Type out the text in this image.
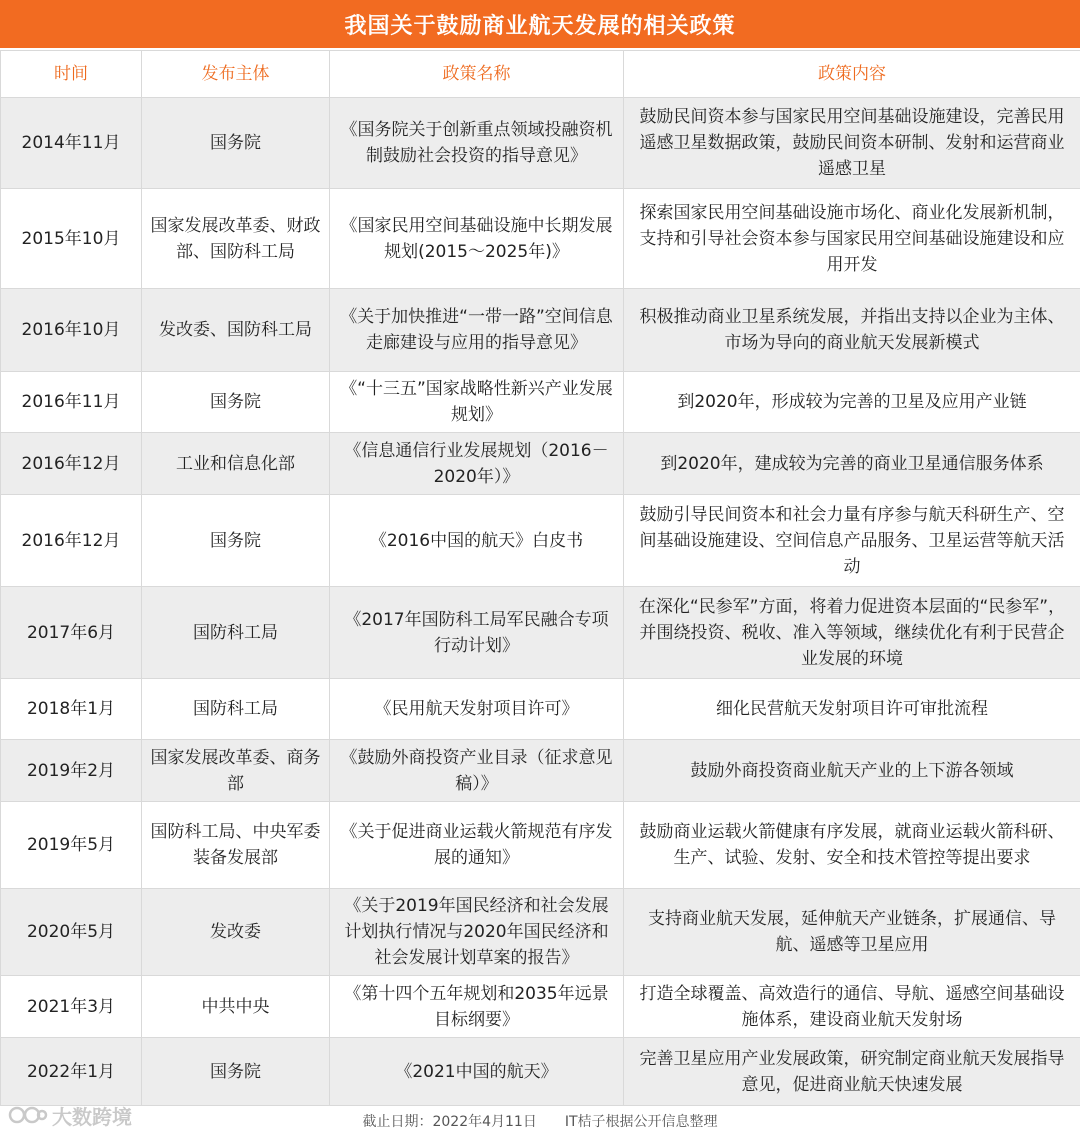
我国关于鼓励商业航天发展的相关政策
时间	发布主体	政策名称	政策内容
2014年11月	国务院	《国务院关于创新重点领域投融资机制鼓励社会投资的指导意见》	鼓励民间资本参与国家民用空间基础设施建设，完善民用遥感卫星数据政策，鼓励民间资本研制、发射和运营商业遥感卫星
2015年10月	国家发展改革委、财政部、国防科工局	《国家民用空间基础设施中长期发展规划(2015～2025年)》	探索国家民用空间基础设施市场化、商业化发展新机制，支持和引导社会资本参与国家民用空间基础设施建设和应用开发
2016年10月	发改委、国防科工局	《关于加快推进“一带一路”空间信息走廊建设与应用的指导意见》	积极推动商业卫星系统发展，并指出支持以企业为主体、市场为导向的商业航天发展新模式
2016年11月	国务院	《“十三五”国家战略性新兴产业发展规划》	到2020年，形成较为完善的卫星及应用产业链
2016年12月	工业和信息化部	《信息通信行业发展规划（2016－2020年）》	到2020年，建成较为完善的商业卫星通信服务体系
2016年12月	国务院	《2016中国的航天》白皮书	鼓励引导民间资本和社会力量有序参与航天科研生产、空间基础设施建设、空间信息产品服务、卫星运营等航天活动
2017年6月	国防科工局	《2017年国防科工局军民融合专项行动计划》	在深化“民参军”方面，将着力促进资本层面的“民参军”，并围绕投资、税收、准入等领域，继续优化有利于民营企业发展的环境
2018年1月	国防科工局	《民用航天发射项目许可》	细化民营航天发射项目许可审批流程
2019年2月	国家发展改革委、商务部	《鼓励外商投资产业目录（征求意见稿）》	鼓励外商投资商业航天产业的上下游各领域
2019年5月	国防科工局、中央军委装备发展部	《关于促进商业运载火箭规范有序发展的通知》	鼓励商业运载火箭健康有序发展，就商业运载火箭科研、生产、试验、发射、安全和技术管控等提出要求
2020年5月	发改委	《关于2019年国民经济和社会发展计划执行情况与2020年国民经济和社会发展计划草案的报告》	支持商业航天发展，延伸航天产业链条，扩展通信、导航、遥感等卫星应用
2021年3月	中共中央	《第十四个五年规划和2035年远景目标纲要》	打造全球覆盖、高效造行的通信、导航、遥感空间基础设施体系，建设商业航天发射场
2022年1月	国务院	《2021中国的航天》	完善卫星应用产业发展政策，研究制定商业航天发展指导意见，促进商业航天快速发展
大数跨境	截止日期：2022年4月11日 IT桔子根据公开信息整理
